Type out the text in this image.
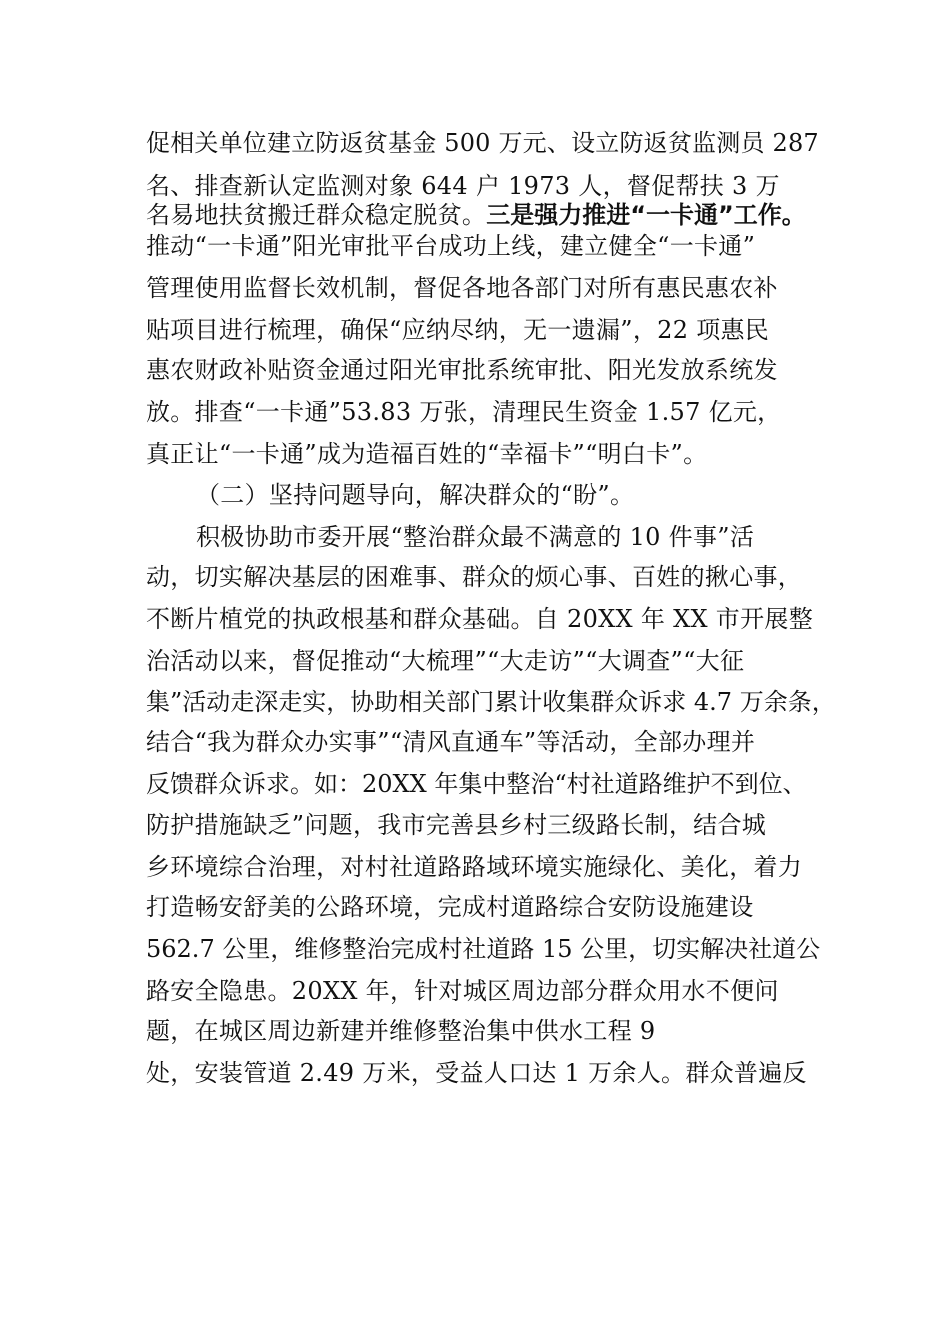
促相关单位建立防返贫基金 500 万元、设立防返贫监测员 287
名、排查新认定监测对象 644 户 1973 人，督促帮扶 3 万
名易地扶贫搬迁群众稳定脱贫。三是强力推进“一卡通”工作。
推动“一卡通”阳光审批平台成功上线，建立健全“一卡通”
管理使用监督长效机制，督促各地各部门对所有惠民惠农补
贴项目进行梳理，确保“应纳尽纳，无一遗漏”，22 项惠民
惠农财政补贴资金通过阳光审批系统审批、阳光发放系统发
放。排查“一卡通”53.83 万张，清理民生资金 1.57 亿元，
真正让“一卡通”成为造福百姓的“幸福卡”“明白卡”。
（二）坚持问题导向，解决群众的“盼”。
积极协助市委开展“整治群众最不满意的 10 件事”活
动，切实解决基层的困难事、群众的烦心事、百姓的揪心事，
不断⽚植党的执政根基和群众基础。自 20XX 年 XX 市开展整
治活动以来，督促推动“大梳理”“大走访”“大调查”“大征
集”活动走深走实，协助相关部门累计收集群众诉求 4.7 万余条，
结合“我为群众办实事”“清风直通车”等活动，全部办理并
反馈群众诉求。如：20XX 年集中整治“村社道路维护不到位、
防护措施缺乏”问题，我市完善县乡村三级路长制，结合城
乡环境综合治理，对村社道路路域环境实施绿化、美化，着力
打造畅安舒美的公路环境，完成村道路综合安防设施建设
562.7 公里，维修整治完成村社道路 15 公里，切实解决社道公
路安全隐患。20XX 年，针对城区周边部分群众用水不便问
题，在城区周边新建并维修整治集中供水工程 9
处，安装管道 2.49 万米，受益人口达 1 万余人。群众普遍反
